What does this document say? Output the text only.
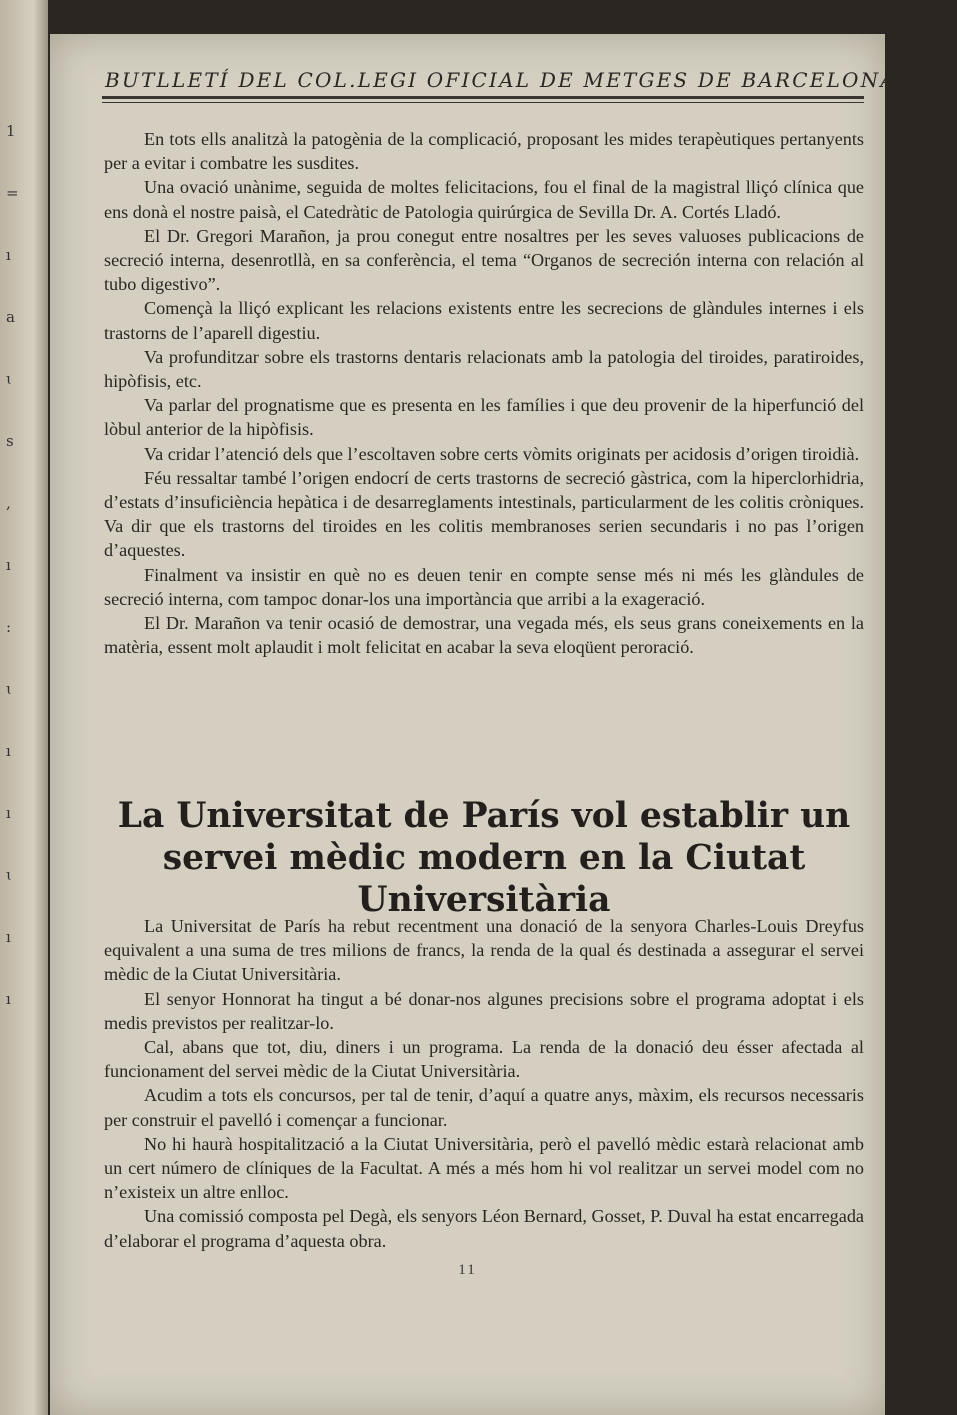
1
=
ı
a
ɩ
s
,
ı
:
ɩ
ı
ı
ɩ
ı
ı
BUTLLETÍ DEL COL.LEGI OFICIAL DE METGES DE BARCELONA

En tots ells analitzà la patogènia de la complicació, proposant les mides terapèutiques pertanyents per a evitar i combatre les susdites.

Una ovació unànime, seguida de moltes felicitacions, fou el final de la magistral lliçó clínica que ens donà el nostre paisà, el Catedràtic de Patologia quirúrgica de Sevilla Dr. A. Cortés Lladó.

El Dr. Gregori Marañon, ja prou conegut entre nosaltres per les seves valuoses publicacions de secreció interna, desenrotllà, en sa conferència, el tema “Organos de secreción interna con relación al tubo digestivo”.

Començà la lliçó explicant les relacions existents entre les secrecions de glàndules internes i els trastorns de l’aparell digestiu.

Va profunditzar sobre els trastorns dentaris relacionats amb la patologia del tiroides, paratiroides, hipòfisis, etc.

Va parlar del prognatisme que es presenta en les famílies i que deu provenir de la hiperfunció del lòbul anterior de la hipòfisis.

Va cridar l’atenció dels que l’escoltaven sobre certs vòmits originats per acidosis d’origen tiroidià.

Féu ressaltar també l’origen endocrí de certs trastorns de secreció gàstrica, com la hiperclorhidria, d’estats d’insuficiència hepàtica i de desarreglaments intestinals, particularment de les colitis cròniques. Va dir que els trastorns del tiroides en les colitis membranoses serien secundaris i no pas l’origen d’aquestes.

Finalment va insistir en què no es deuen tenir en compte sense més ni més les glàndules de secreció interna, com tampoc donar-los una importància que arribi a la exageració.

El Dr. Marañon va tenir ocasió de demostrar, una vegada més, els seus grans coneixements en la matèria, essent molt aplaudit i molt felicitat en acabar la seva eloqüent peroració.

La Universitat de París vol establir un servei mèdic modern en la Ciutat Universitària

La Universitat de París ha rebut recentment una donació de la senyora Charles-Louis Dreyfus equivalent a una suma de tres milions de francs, la renda de la qual és destinada a assegurar el servei mèdic de la Ciutat Universitària.

El senyor Honnorat ha tingut a bé donar-nos algunes precisions sobre el programa adoptat i els medis previstos per realitzar-lo.

Cal, abans que tot, diu, diners i un programa. La renda de la donació deu ésser afectada al funcionament del servei mèdic de la Ciutat Universitària.

Acudim a tots els concursos, per tal de tenir, d’aquí a quatre anys, màxim, els recursos necessaris per construir el pavelló i començar a funcionar.

No hi haurà hospitalització a la Ciutat Universitària, però el pavelló mèdic estarà relacionat amb un cert número de clíniques de la Facultat. A més a més hom hi vol realitzar un servei model com no n’existeix un altre enlloc.

Una comissió composta pel Degà, els senyors Léon Bernard, Gosset, P. Duval ha estat encarregada d’elaborar el programa d’aquesta obra.

11
